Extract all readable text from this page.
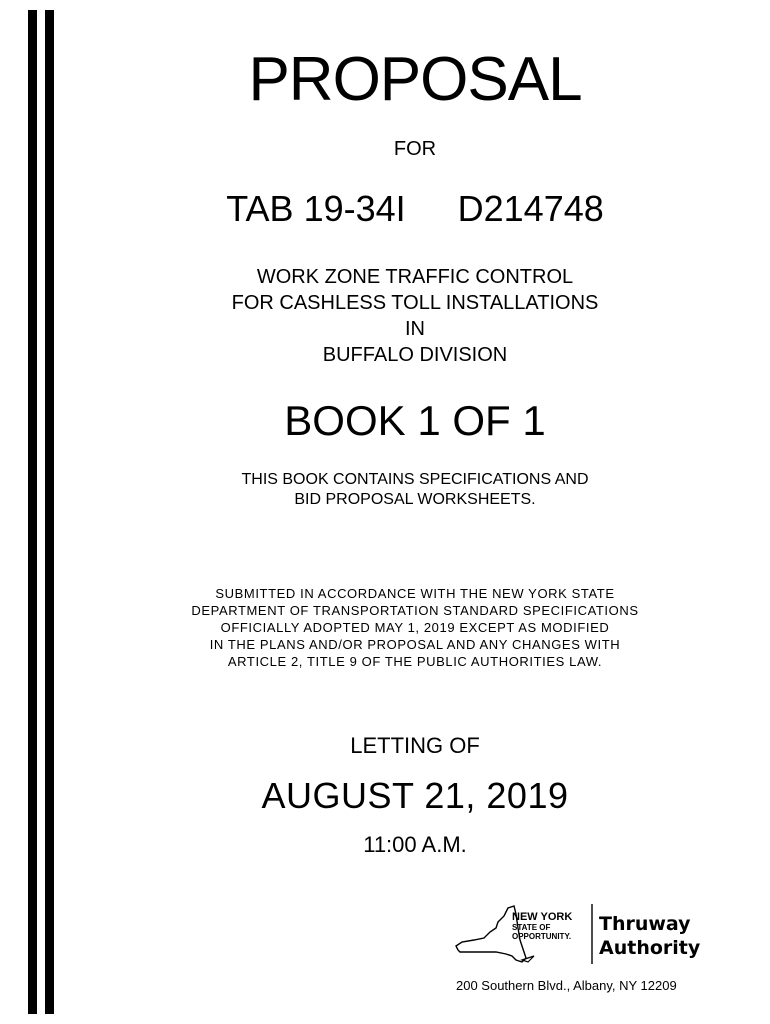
PROPOSAL
FOR
TAB 19-34I D214748
WORK ZONE TRAFFIC CONTROL
FOR CASHLESS TOLL INSTALLATIONS
IN
BUFFALO DIVISION
BOOK 1 OF 1
THIS BOOK CONTAINS SPECIFICATIONS AND
BID PROPOSAL WORKSHEETS.
SUBMITTED IN ACCORDANCE WITH THE NEW YORK STATE
DEPARTMENT OF TRANSPORTATION STANDARD SPECIFICATIONS
OFFICIALLY ADOPTED MAY 1, 2019 EXCEPT AS MODIFIED
IN THE PLANS AND/OR PROPOSAL AND ANY CHANGES WITH
ARTICLE 2, TITLE 9 OF THE PUBLIC AUTHORITIES LAW.
LETTING OF
AUGUST 21, 2019
11:00 A.M.
NEW YORK
STATE OF
OPPORTUNITY.
Thruway
Authority
200 Southern Blvd., Albany, NY 12209
